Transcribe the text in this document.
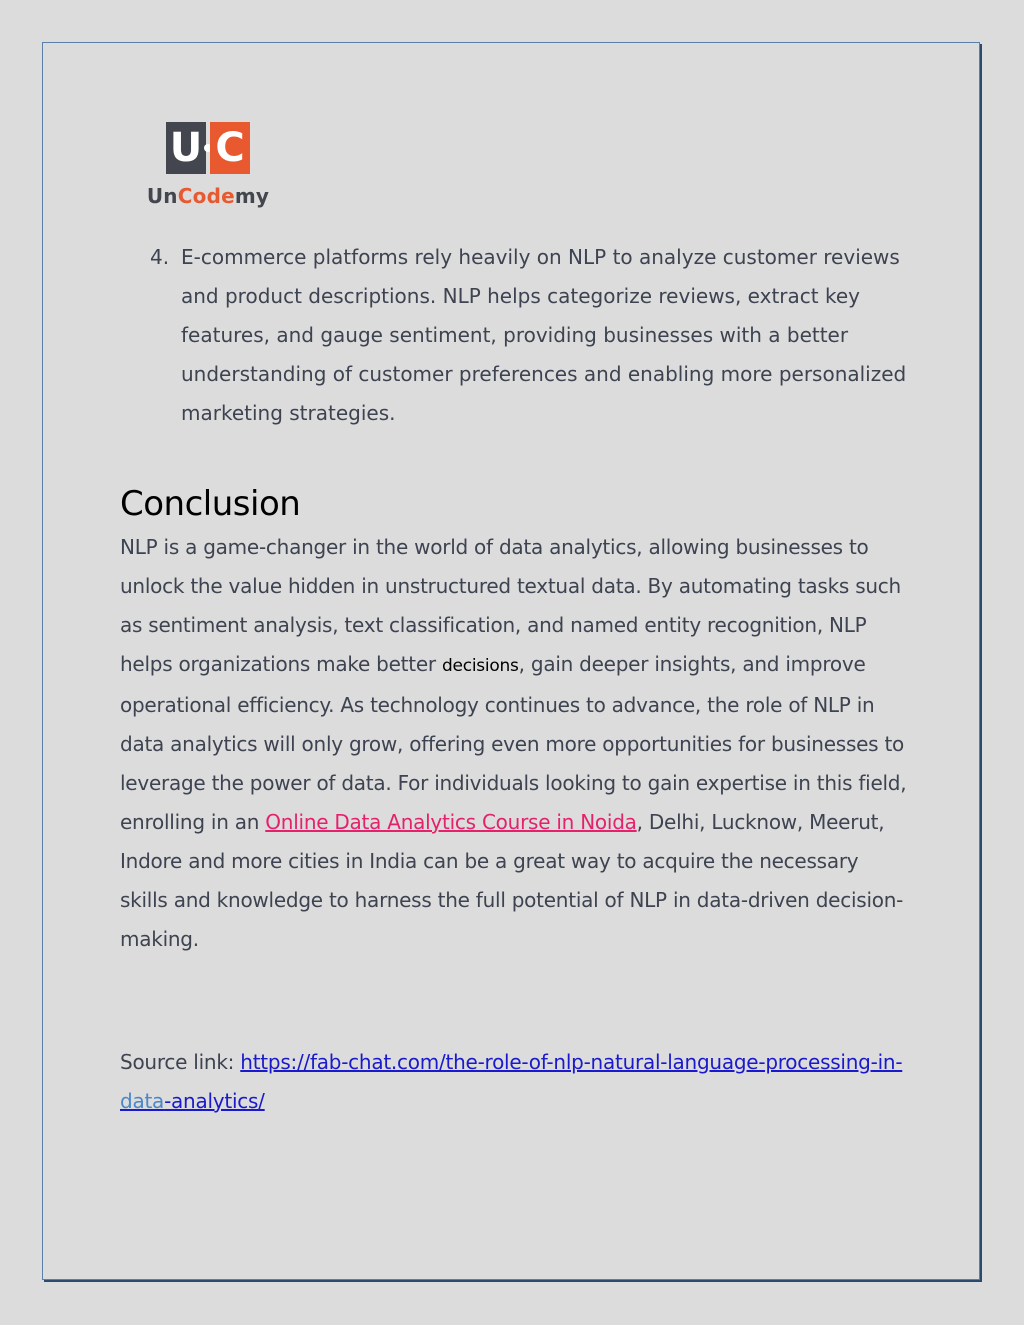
U C
UnCodemy
4. E-commerce platforms rely heavily on NLP to analyze customer reviews and product descriptions. NLP helps categorize reviews, extract key features, and gauge sentiment, providing businesses with a better understanding of customer preferences and enabling more personalized marketing strategies.
Conclusion
NLP is a game-changer in the world of data analytics, allowing businesses to unlock the value hidden in unstructured textual data. By automating tasks such as sentiment analysis, text classification, and named entity recognition, NLP helps organizations make better decisions, gain deeper insights, and improve operational efficiency. As technology continues to advance, the role of NLP in data analytics will only grow, offering even more opportunities for businesses to leverage the power of data. For individuals looking to gain expertise in this field, enrolling in an Online Data Analytics Course in Noida, Delhi, Lucknow, Meerut, Indore and more cities in India can be a great way to acquire the necessary skills and knowledge to harness the full potential of NLP in data-driven decision-making.
Source link: https://fab-chat.com/the-role-of-nlp-natural-language-processing-in-data-analytics/
